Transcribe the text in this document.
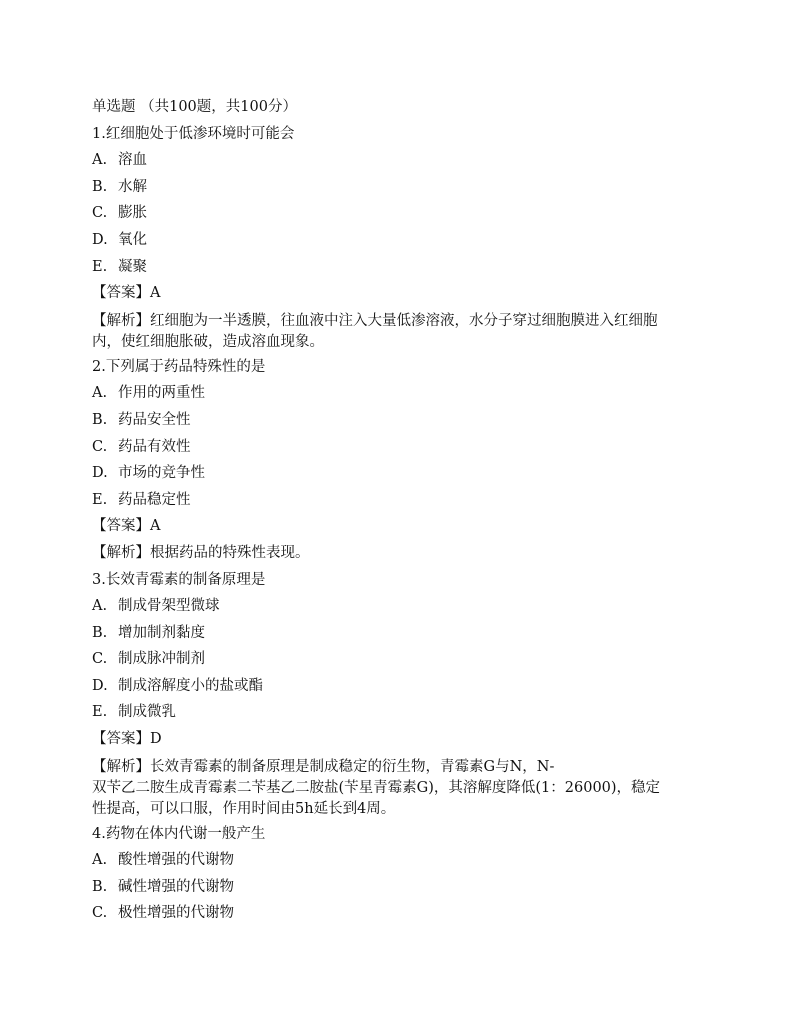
单选题 （共100题，共100分）
1.红细胞处于低渗环境时可能会
A. 溶血
B. 水解
C. 膨胀
D. 氧化
E. 凝聚
【答案】A
【解析】红细胞为一半透膜，往血液中注入大量低渗溶液，水分子穿过细胞膜进入红细胞
内，使红细胞胀破，造成溶血现象。
2.下列属于药品特殊性的是
A. 作用的两重性
B. 药品安全性
C. 药品有效性
D. 市场的竞争性
E. 药品稳定性
【答案】A
【解析】根据药品的特殊性表现。
3.长效青霉素的制备原理是
A. 制成骨架型微球
B. 增加制剂黏度
C. 制成脉冲制剂
D. 制成溶解度小的盐或酯
E. 制成微乳
【答案】D
【解析】长效青霉素的制备原理是制成稳定的衍生物，青霉素G与N，N-
双苄乙二胺生成青霉素二苄基乙二胺盐(苄星青霉素G)，其溶解度降低(1：26000)，稳定
性提高，可以口服，作用时间由5h延长到4周。
4.药物在体内代谢一般产生
A. 酸性增强的代谢物
B. 碱性增强的代谢物
C. 极性增强的代谢物
